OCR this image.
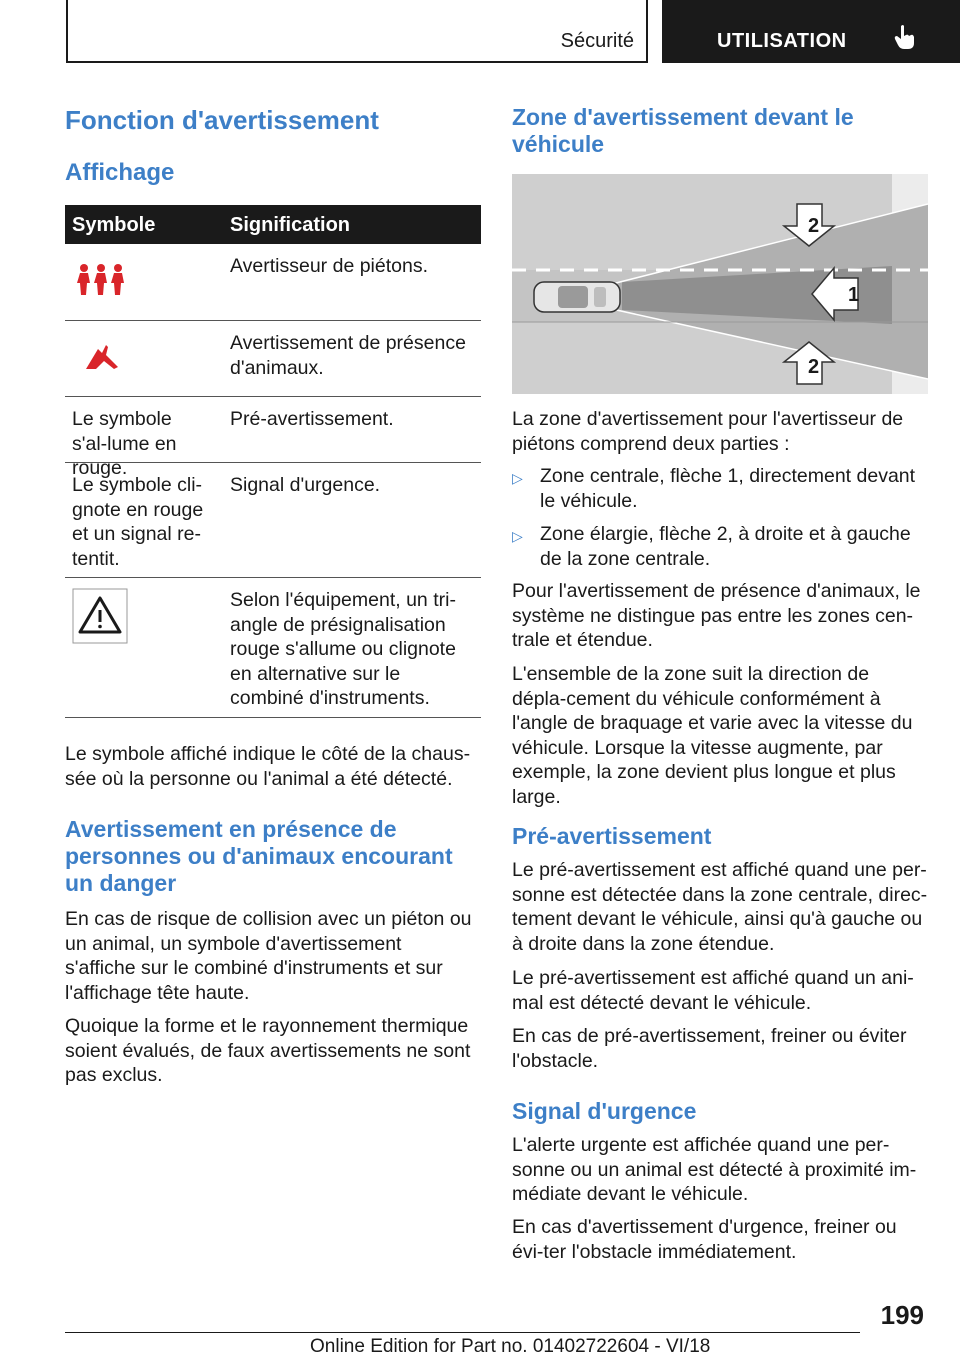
Sécurité	UTILISATION
Fonction d'avertissement
Affichage
Symbole	Signification
Avertisseur de piétons.
Avertissement de présence d'animaux.
Le symbole s'al-lume en rouge.
Pré-avertissement.
Le symbole cli-gnote en rouge et un signal re-tentit.
Signal d'urgence.
Selon l'équipement, un tri-angle de présignalisation rouge s'allume ou clignote en alternative sur le combiné d'instruments.

Le symbole affiché indique le côté de la chaus-sée où la personne ou l'animal a été détecté.

Avertissement en présence de personnes ou d'animaux encourant un danger

En cas de risque de collision avec un piéton ou un animal, un symbole d'avertissement s'affiche sur le combiné d'instruments et sur l'affichage tête haute.

Quoique la forme et le rayonnement thermique soient évalués, de faux avertissements ne sont pas exclus.

Zone d'avertissement devant le véhicule
2
1
2

La zone d'avertissement pour l'avertisseur de piétons comprend deux parties :

▷ Zone centrale, flèche 1, directement devant le véhicule.
▷ Zone élargie, flèche 2, à droite et à gauche de la zone centrale.

Pour l'avertissement de présence d'animaux, le système ne distingue pas entre les zones cen-trale et étendue.

L'ensemble de la zone suit la direction de dépla-cement du véhicule conformément à l'angle de braquage et varie avec la vitesse du véhicule. Lorsque la vitesse augmente, par exemple, la zone devient plus longue et plus large.

Pré-avertissement

Le pré-avertissement est affiché quand une per-sonne est détectée dans la zone centrale, direc-tement devant le véhicule, ainsi qu'à gauche ou à droite dans la zone étendue.

Le pré-avertissement est affiché quand un ani-mal est détecté devant le véhicule.

En cas de pré-avertissement, freiner ou éviter l'obstacle.

Signal d'urgence

L'alerte urgente est affichée quand une per-sonne ou un animal est détecté à proximité im-médiate devant le véhicule.

En cas d'avertissement d'urgence, freiner ou évi-ter l'obstacle immédiatement.

199
Online Edition for Part no. 01402722604 - VI/18
